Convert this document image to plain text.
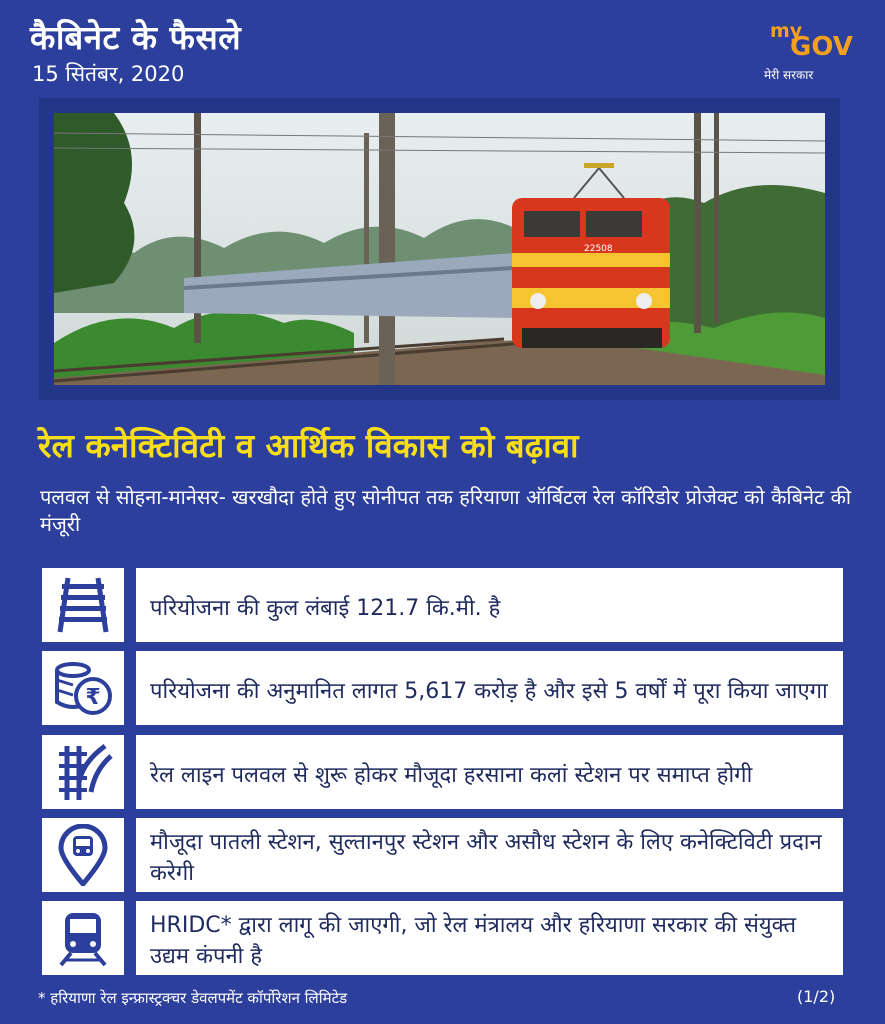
कैबिनेट के फैसले
15 सितंबर, 2020
my
GOV
मेरी सरकार
22508
रेल कनेक्टिविटी व आर्थिक विकास को बढ़ावा
पलवल से सोहना-मानेसर- खरखौदा होते हुए सोनीपत तक हरियाणा ऑर्बिटल रेल कॉरिडोर प्रोजेक्ट को कैबिनेट की मंजूरी
परियोजना की कुल लंबाई 121.7 कि.मी. है
₹ परियोजना की अनुमानित लागत 5,617 करोड़ है और इसे 5 वर्षों में पूरा किया जाएगा
रेल लाइन पलवल से शुरू होकर मौजूदा हरसाना कलां स्टेशन पर समाप्त होगी
मौजूदा पातली स्टेशन, सुल्तानपुर स्टेशन और असौध स्टेशन के लिए कनेक्टिविटी प्रदान करेगी
HRIDC* द्वारा लागू की जाएगी, जो रेल मंत्रालय और हरियाणा सरकार की संयुक्त उद्यम कंपनी है
* हरियाणा रेल इन्फ्रास्ट्रक्चर डेवलपमेंट कॉर्पोरेशन लिमिटेड	(1/2)
